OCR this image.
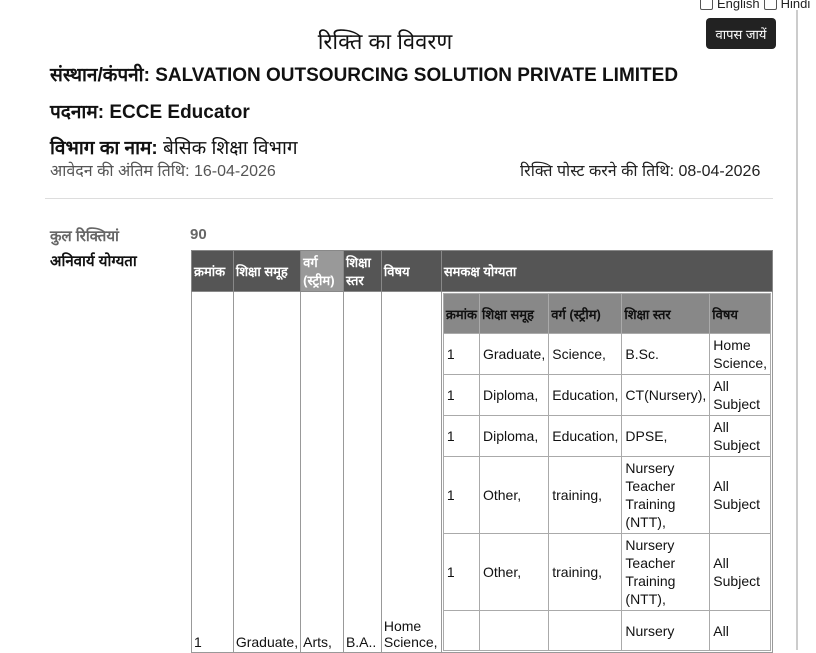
English Hindi
रिक्ति का विवरण	वापस जायें
संस्थान/कंपनी: SALVATION OUTSOURCING SOLUTION PRIVATE LIMITED
पदनाम: ECCE Educator
विभाग का नाम: बेसिक शिक्षा विभाग
आवेदन की अंतिम तिथि: 16-04-2026	रिक्ति पोस्ट करने की तिथि: 08-04-2026
कुल रिक्तियां	90
अनिवार्य योग्यता
क्रमांक	शिक्षा समूह	वर्ग (स्ट्रीम)	शिक्षा स्तर	विषय	समकक्ष योग्यता
1	Graduate,	Arts,	B.A..	Home Science,	
क्रमांक	शिक्षा समूह	वर्ग (स्ट्रीम)	शिक्षा स्तर	विषय
1	Graduate,	Science,	B.Sc.	Home Science,
1	Diploma,	Education,	CT(Nursery),	All Subject
1	Diploma,	Education,	DPSE,	All Subject
1	Other,	training,	Nursery Teacher Training (NTT),	All Subject
1	Other,	training,	Nursery Teacher Training (NTT),	All Subject
			Nursery	All
